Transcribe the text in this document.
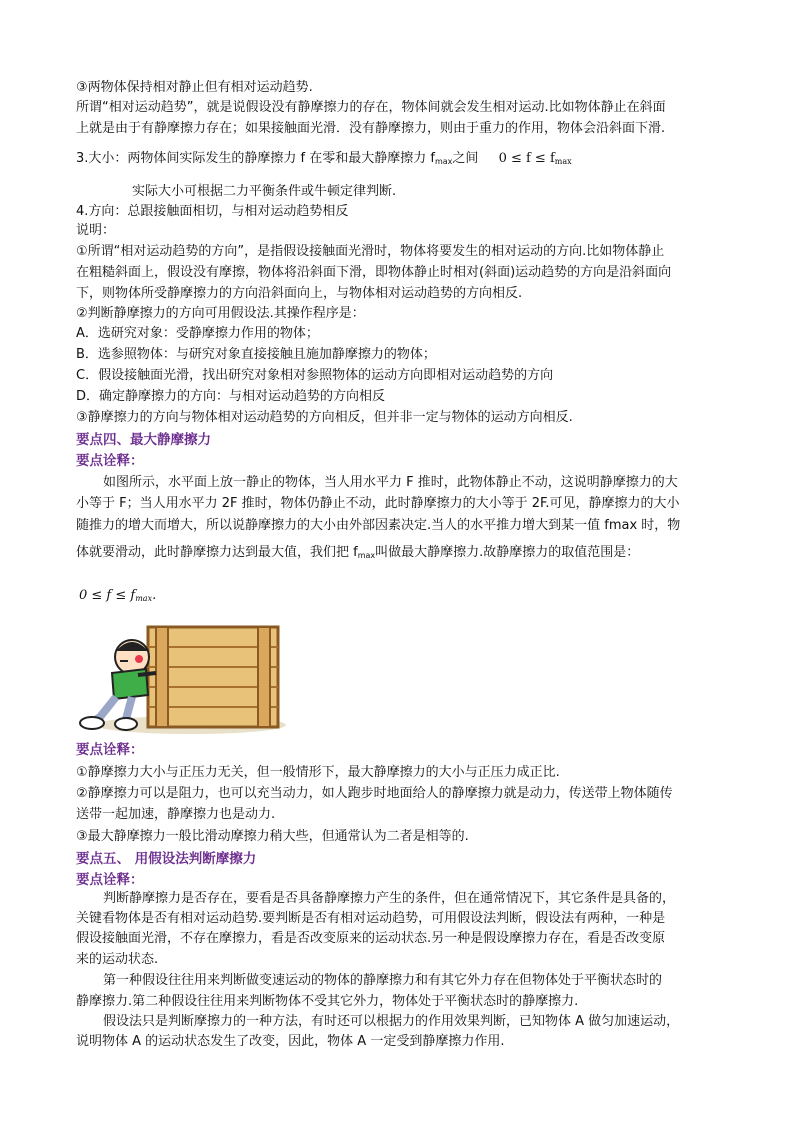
③两物体保持相对静止但有相对运动趋势.
所谓“相对运动趋势”，就是说假设没有静摩擦力的存在，物体间就会发生相对运动.比如物体静止在斜面
上就是由于有静摩擦力存在；如果接触面光滑．没有静摩擦力，则由于重力的作用，物体会沿斜面下滑.
3.大小：两物体间实际发生的静摩擦力 f 在零和最大静摩擦力 $f_{max}$之间 $0 \le f \le f_{max}$
实际大小可根据二力平衡条件或牛顿定律判断.
4.方向：总跟接触面相切，与相对运动趋势相反
说明：
①所谓“相对运动趋势的方向”，是指假设接触面光滑时，物体将要发生的相对运动的方向.比如物体静止
在粗糙斜面上，假设没有摩擦，物体将沿斜面下滑，即物体静止时相对(斜面)运动趋势的方向是沿斜面向
下，则物体所受静摩擦力的方向沿斜面向上，与物体相对运动趋势的方向相反.
②判断静摩擦力的方向可用假设法.其操作程序是：
A．选研究对象：受静摩擦力作用的物体；
B．选参照物体：与研究对象直接接触且施加静摩擦力的物体；
C．假设接触面光滑，找出研究对象相对参照物体的运动方向即相对运动趋势的方向
D．确定静摩擦力的方向：与相对运动趋势的方向相反
③静摩擦力的方向与物体相对运动趋势的方向相反，但并非一定与物体的运动方向相反.
要点四、最大静摩擦力
要点诠释：
如图所示，水平面上放一静止的物体，当人用水平力 F 推时，此物体静止不动，这说明静摩擦力的大
小等于 F；当人用水平力 2F 推时，物体仍静止不动，此时静摩擦力的大小等于 2F.可见，静摩擦力的大小
随推力的增大而增大，所以说静摩擦力的大小由外部因素决定.当人的水平推力增大到某一值 fmax 时，物
体就要滑动，此时静摩擦力达到最大值，我们把 $f_{max}$叫做最大静摩擦力.故静摩擦力的取值范围是：
$0 \le f \le f_{max}$.
要点诠释：
①静摩擦力大小与正压力无关，但一般情形下，最大静摩擦力的大小与正压力成正比.
②静摩擦力可以是阻力，也可以充当动力，如人跑步时地面给人的静摩擦力就是动力，传送带上物体随传
送带一起加速，静摩擦力也是动力.
③最大静摩擦力一般比滑动摩擦力稍大些，但通常认为二者是相等的.
要点五、 用假设法判断摩擦力
要点诠释：
判断静摩擦力是否存在，要看是否具备静摩擦力产生的条件，但在通常情况下，其它条件是具备的，
关键看物体是否有相对运动趋势.要判断是否有相对运动趋势，可用假设法判断，假设法有两种，一种是
假设接触面光滑，不存在摩擦力，看是否改变原来的运动状态.另一种是假设摩擦力存在，看是否改变原
来的运动状态.
第一种假设往往用来判断做变速运动的物体的静摩擦力和有其它外力存在但物体处于平衡状态时的
静摩擦力.第二种假设往往用来判断物体不受其它外力，物体处于平衡状态时的静摩擦力.
假设法只是判断摩擦力的一种方法，有时还可以根据力的作用效果判断，已知物体 A 做匀加速运动，
说明物体 A 的运动状态发生了改变，因此，物体 A 一定受到静摩擦力作用.
